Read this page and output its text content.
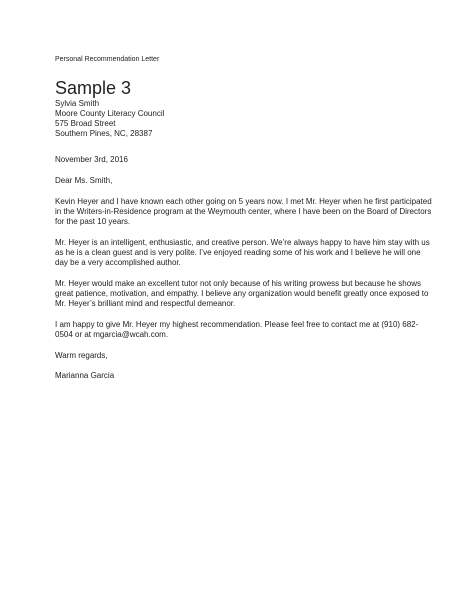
Personal Recommendation Letter

Sample 3
Sylvia Smith
Moore County Literacy Council
575 Broad Street
Southern Pines, NC, 28387

November 3rd, 2016

Dear Ms. Smith,

Kevin Heyer and I have known each other going on 5 years now. I met Mr. Heyer when he first participated in the Writers-in-Residence program at the Weymouth center, where I have been on the Board of Directors for the past 10 years.

Mr. Heyer is an intelligent, enthusiastic, and creative person. We’re always happy to have him stay with us as he is a clean guest and is very polite. I’ve enjoyed reading some of his work and I believe he will one day be a very accomplished author.

Mr. Heyer would make an excellent tutor not only because of his writing prowess but because he shows great patience, motivation, and empathy. I believe any organization would benefit greatly once exposed to Mr. Heyer’s brilliant mind and respectful demeanor.

I am happy to give Mr. Heyer my highest recommendation. Please feel free to contact me at (910) 682-0504 or at mgarcia@wcah.com.

Warm regards,

Marianna Garcia
